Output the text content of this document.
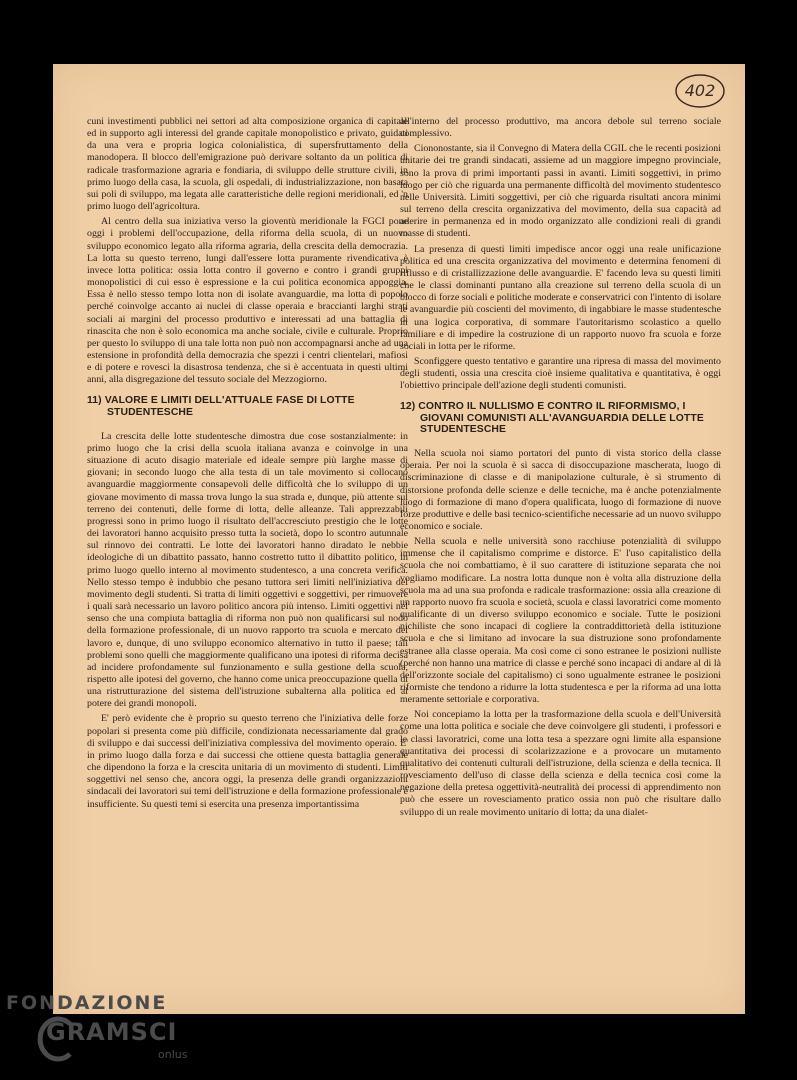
402

cuni investimenti pubblici nei settori ad alta composizione organica di capitale ed in supporto agli interessi del grande capitale monopolistico e privato, guidati da una vera e propria logica colonialistica, di supersfruttamento della manodopera. Il blocco dell'emigrazione può derivare soltanto da un politica di radicale trasformazione agraria e fondiaria, di sviluppo delle strutture civili, in primo luogo della casa, la scuola, gli ospedali, di industrializzazione, non basata sui poli di sviluppo, ma legata alle caratteristiche delle regioni meridionali, ed 'n primo luogo dell'agricoltura.

Al centro della sua iniziativa verso la gioventù meridionale la FGCI pone oggi i problemi dell'occupazione, della riforma della scuola, di un nuovo sviluppo economico legato alla riforma agraria, della crescita della democrazia. La lotta su questo terreno, lungi dall'essere lotta puramente rivendicativa è invece lotta politica: ossia lotta contro il governo e contro i grandi gruppi monopolistici di cui esso è espressione e la cui politica economica appoggia. Essa è nello stesso tempo lotta non di isolate avanguardie, ma lotta di popolo perché coinvolge accanto ai nuclei di classe operaia e braccianti larghi strati sociali ai margini del processo produttivo e interessati ad una battaglia di rinascita che non è solo economica ma anche sociale, civile e culturale. Proprio per questo lo sviluppo di una tale lotta non può non accompagnarsi anche ad una estensione in profondità della democrazia che spezzi i centri clientelari, mafiosi e di potere e rovesci la disastrosa tendenza, che si è accentuata in questi ultimi anni, alla disgregazione del tessuto sociale del Mezzogiorno.

11) VALORE E LIMITI DELL'ATTUALE FASE DI LOTTE STUDENTESCHE

La crescita delle lotte studentesche dimostra due cose sostanzialmente: in primo luogo che la crisi della scuola italiana avanza e coinvolge in una situazione di acuto disagio materiale ed ideale sempre più larghe masse di giovani; in secondo luogo che alla testa di un tale movimento si collocano avanguardie maggiormente consapevoli delle difficoltà che lo sviluppo di un giovane movimento di massa trova lungo la sua strada e, dunque, più attente sul terreno dei contenuti, delle forme di lotta, delle alleanze. Tali apprezzabili progressi sono in primo luogo il risultato dell'accresciuto prestigio che le lotte dei lavoratori hanno acquisito presso tutta la società, dopo lo scontro autunnale sul rinnovo dei contratti. Le lotte dei lavoratori hanno diradato le nebbie ideologiche di un dibattito passato, hanno costretto tutto il dibattito politico, in primo luogo quello interno al movimento studentesco, a una concreta verifica. Nello stesso tempo è indubbio che pesano tuttora seri limiti nell'iniziativa del movimento degli studenti. Si tratta di limiti oggettivi e soggettivi, per rimuovere i quali sarà necessario un lavoro politico ancora più intenso. Limiti oggettivi nel senso che una compiuta battaglia di riforma non può non qualificarsi sul nodo della formazione professionale, di un nuovo rapporto tra scuola e mercato del lavoro e, dunque, di uno sviluppo economico alternativo in tutto il paese; tali problemi sono quelli che maggiormente qualificano una ipotesi di riforma decisa ad incidere profondamente sul funzionamento e sulla gestione della scuola, rispetto alle ipotesi del governo, che hanno come unica preoccupazione quella di una ristrutturazione del sistema dell'istruzione subalterna alla politica ed al potere dei grandi monopoli.

E' però evidente che è proprio su questo terreno che l'iniziativa delle forze popolari si presenta come più difficile, condizionata necessariamente dal grado di sviluppo e dai successi dell'iniziativa complessiva del movimento operaio. E' in primo luogo dalla forza e dai successi che ottiene questa battaglia generale che dipendono la forza e la crescita unitaria di un movimento di studenti. Limiti soggettivi nel senso che, ancora oggi, la presenza delle grandi organizzazioni sindacali dei lavoratori sui temi dell'istruzione e della formazione professionale è insufficiente. Su questi temi si esercita una presenza importantissima

all'interno del processo produttivo, ma ancora debole sul terreno sociale complessivo.

Ciononostante, sia il Convegno di Matera della CGIL che le recenti posizioni unitarie dei tre grandi sindacati, assieme ad un maggiore impegno provinciale, sono la prova di primi importanti passi in avanti. Limiti soggettivi, in primo luogo per ciò che riguarda una permanente difficoltà del movimento studentesco nelle Università. Limiti soggettivi, per ciò che riguarda risultati ancora minimi sul terreno della crescita organizzativa del movimento, della sua capacità ad aderire in permanenza ed in modo organizzato alle condizioni reali di grandi masse di studenti.

La presenza di questi limiti impedisce ancor oggi una reale unificazione politica ed una crescita organizzativa del movimento e determina fenomeni di riflusso e di cristallizzazione delle avanguardie. E' facendo leva su questi limiti che le classi dominanti puntano alla creazione sul terreno della scuola di un blocco di forze sociali e politiche moderate e conservatrici con l'intento di isolare le avanguardie più coscienti del movimento, di ingabbiare le masse studentesche in una logica corporativa, di sommare l'autoritarismo scolastico a quello familiare e di impedire la costruzione di un rapporto nuovo fra scuola e forze sociali in lotta per le riforme.

Sconfiggere questo tentativo e garantire una ripresa di massa del movimento degli studenti, ossia una crescita cioè insieme qualitativa e quantitativa, è oggi l'obiettivo principale dell'azione degli studenti comunisti.

12) CONTRO IL NULLISMO E CONTRO IL RIFORMISMO, I GIOVANI COMUNISTI ALL'AVANGUARDIA DELLE LOTTE STUDENTESCHE

Nella scuola noi siamo portatori del punto di vista storico della classe operaia. Per noi la scuola è sì sacca di disoccupazione mascherata, luogo di discriminazione di classe e di manipolazione culturale, è sì strumento di distorsione profonda delle scienze e delle tecniche, ma è anche potenzialmente luogo di formazione di mano d'opera qualificata, luogo di formazione di nuove forze produttive e delle basi tecnico-scientifiche necessarie ad un nuovo sviluppo economico e sociale.

Nella scuola e nelle università sono racchiuse potenzialità di sviluppo immense che il capitalismo comprime e distorce. E' l'uso capitalistico della scuola che noi combattiamo, è il suo carattere di istituzione separata che noi vogliamo modificare. La nostra lotta dunque non è volta alla distruzione della scuola ma ad una sua profonda e radicale trasformazione: ossia alla creazione di un rapporto nuovo fra scuola e società, scuola e classi lavoratrici come momento qualificante di un diverso sviluppo economico e sociale. Tutte le posizioni nichiliste che sono incapaci di cogliere la contraddittorietà della istituzione scuola e che si limitano ad invocare la sua distruzione sono profondamente estranee alla classe operaia. Ma così come ci sono estranee le posizioni nulliste (perché non hanno una matrice di classe e perché sono incapaci di andare al di là dell'orizzonte sociale del capitalismo) ci sono ugualmente estranee le posizioni riformiste che tendono a ridurre la lotta studentesca e per la riforma ad una lotta meramente settoriale e corporativa.

Noi concepiamo la lotta per la trasformazione della scuola e dell'Università come una lotta politica e sociale che deve coinvolgere gli studenti, i professori e le classi lavoratrici, come una lotta tesa a spezzare ogni limite alla espansione quantitativa dei processi di scolarizzazione e a provocare un mutamento qualitativo dei contenuti culturali dell'istruzione, della scienza e della tecnica. Il rovesciamento dell'uso di classe della scienza e della tecnica così come la negazione della pretesa oggettività-neutralità dei processi di apprendimento non può che essere un rovesciamento pratico ossia non può che risultare dallo sviluppo di un reale movimento unitario di lotta; da una dialet-

FONDAZIONE
GRAMSCI
onlus
